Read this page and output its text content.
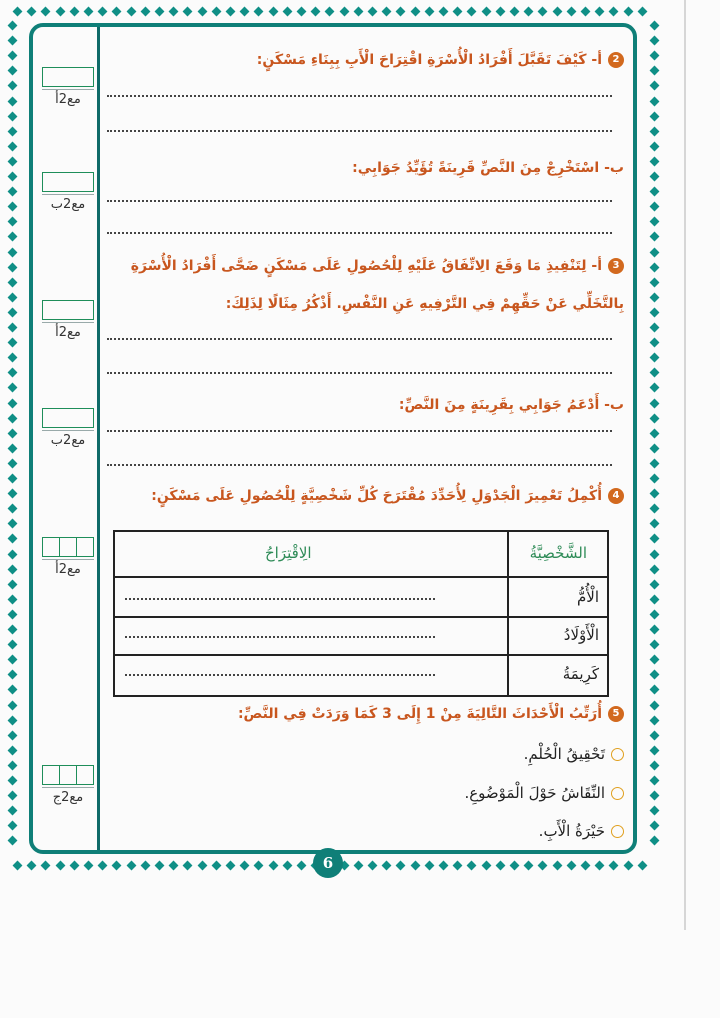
مع2أ
مع2ب
مع2أ
مع2ب
مع2أ
مع2ج
2أ- كَيْفَ تَقَبَّلَ أَفْرَادُ الْأُسْرَةِ اقْتِرَاحَ الْأَبِ بِبِنَاءِ مَسْكَنٍ:
ب- اسْتَخْرِجْ مِنَ النَّصِّ قَرِينَةً تُؤَيِّدُ جَوَابِي:
3أ- لِتَنْفِيذِ مَا وَقَعَ الِاتِّفَاقُ عَلَيْهِ لِلْحُصُولِ عَلَى مَسْكَنٍ ضَحَّى أَفْرَادُ الْأُسْرَةِ
بِالتَّخَلِّي عَنْ حَقِّهِمْ فِي التَّرْفِيهِ عَنِ النَّفْسِ. أَذْكُرُ مِثَالًا لِذَلِكَ:
ب- أَدْعَمُ جَوَابِي بِقَرِينَةٍ مِنَ النَّصِّ:
4أُكْمِلُ تَعْمِيرَ الْجَدْوَلِ لِأُحَدِّدَ مُقْتَرَحَ كُلِّ شَخْصِيَّةٍ لِلْحُصُولِ عَلَى مَسْكَنٍ:
الشَّخْصِيَّةُ
الِاقْتِرَاحُ
الْأُمُّ
الْأَوْلَادُ
كَرِيمَةُ
5أُرَتِّبُ الْأَحْدَاثَ التَّالِيَةَ مِنْ 1 إِلَى 3 كَمَا وَرَدَتْ فِي النَّصِّ:
تَحْقِيقُ الْحُلْمِ.
النِّقَاشُ حَوْلَ الْمَوْضُوعِ.
حَيْرَةُ الْأَبِ.
6
